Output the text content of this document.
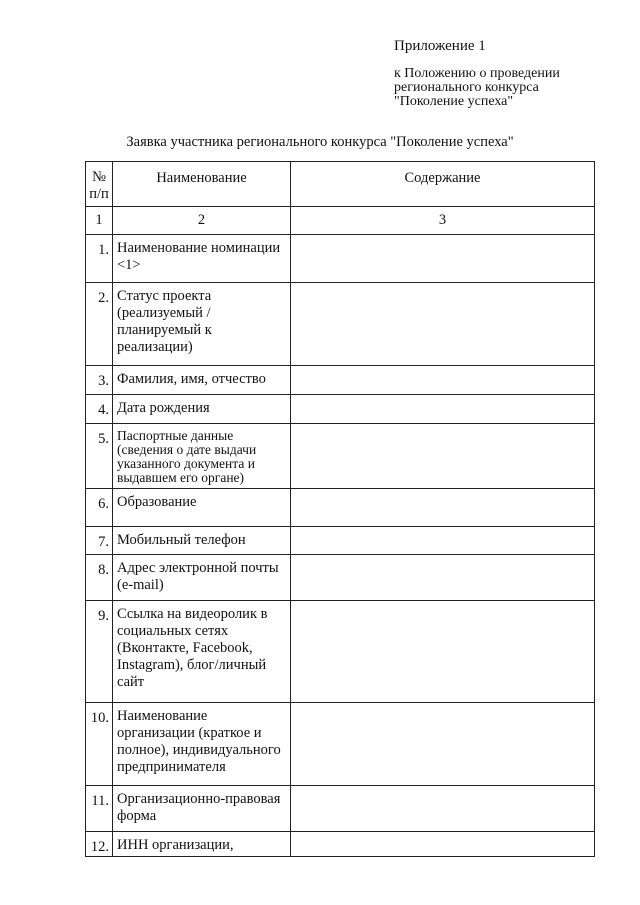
Приложение 1
к Положению о проведении
регионального конкурса
"Поколение успеха"
Заявка участника регионального конкурса "Поколение успеха"
№ п/п	Наименование	Содержание
1	2	3
1.	Наименование номинации <1>	
2.	Статус проекта (реализуемый / планируемый к реализации)	
3.	Фамилия, имя, отчество	
4.	Дата рождения	
5.	Паспортные данные (сведения о дате выдачи указанного документа и выдавшем его органе)	
6.	Образование	
7.	Мобильный телефон	
8.	Адрес электронной почты (e-mail)	
9.	Ссылка на видеоролик в социальных сетях (Вконтакте, Facebook, Instagram), блог/личный сайт	
10.	Наименование организации (краткое и полное), индивидуального предпринимателя	
11.	Организационно-правовая форма	
12.	ИНН организации,	
